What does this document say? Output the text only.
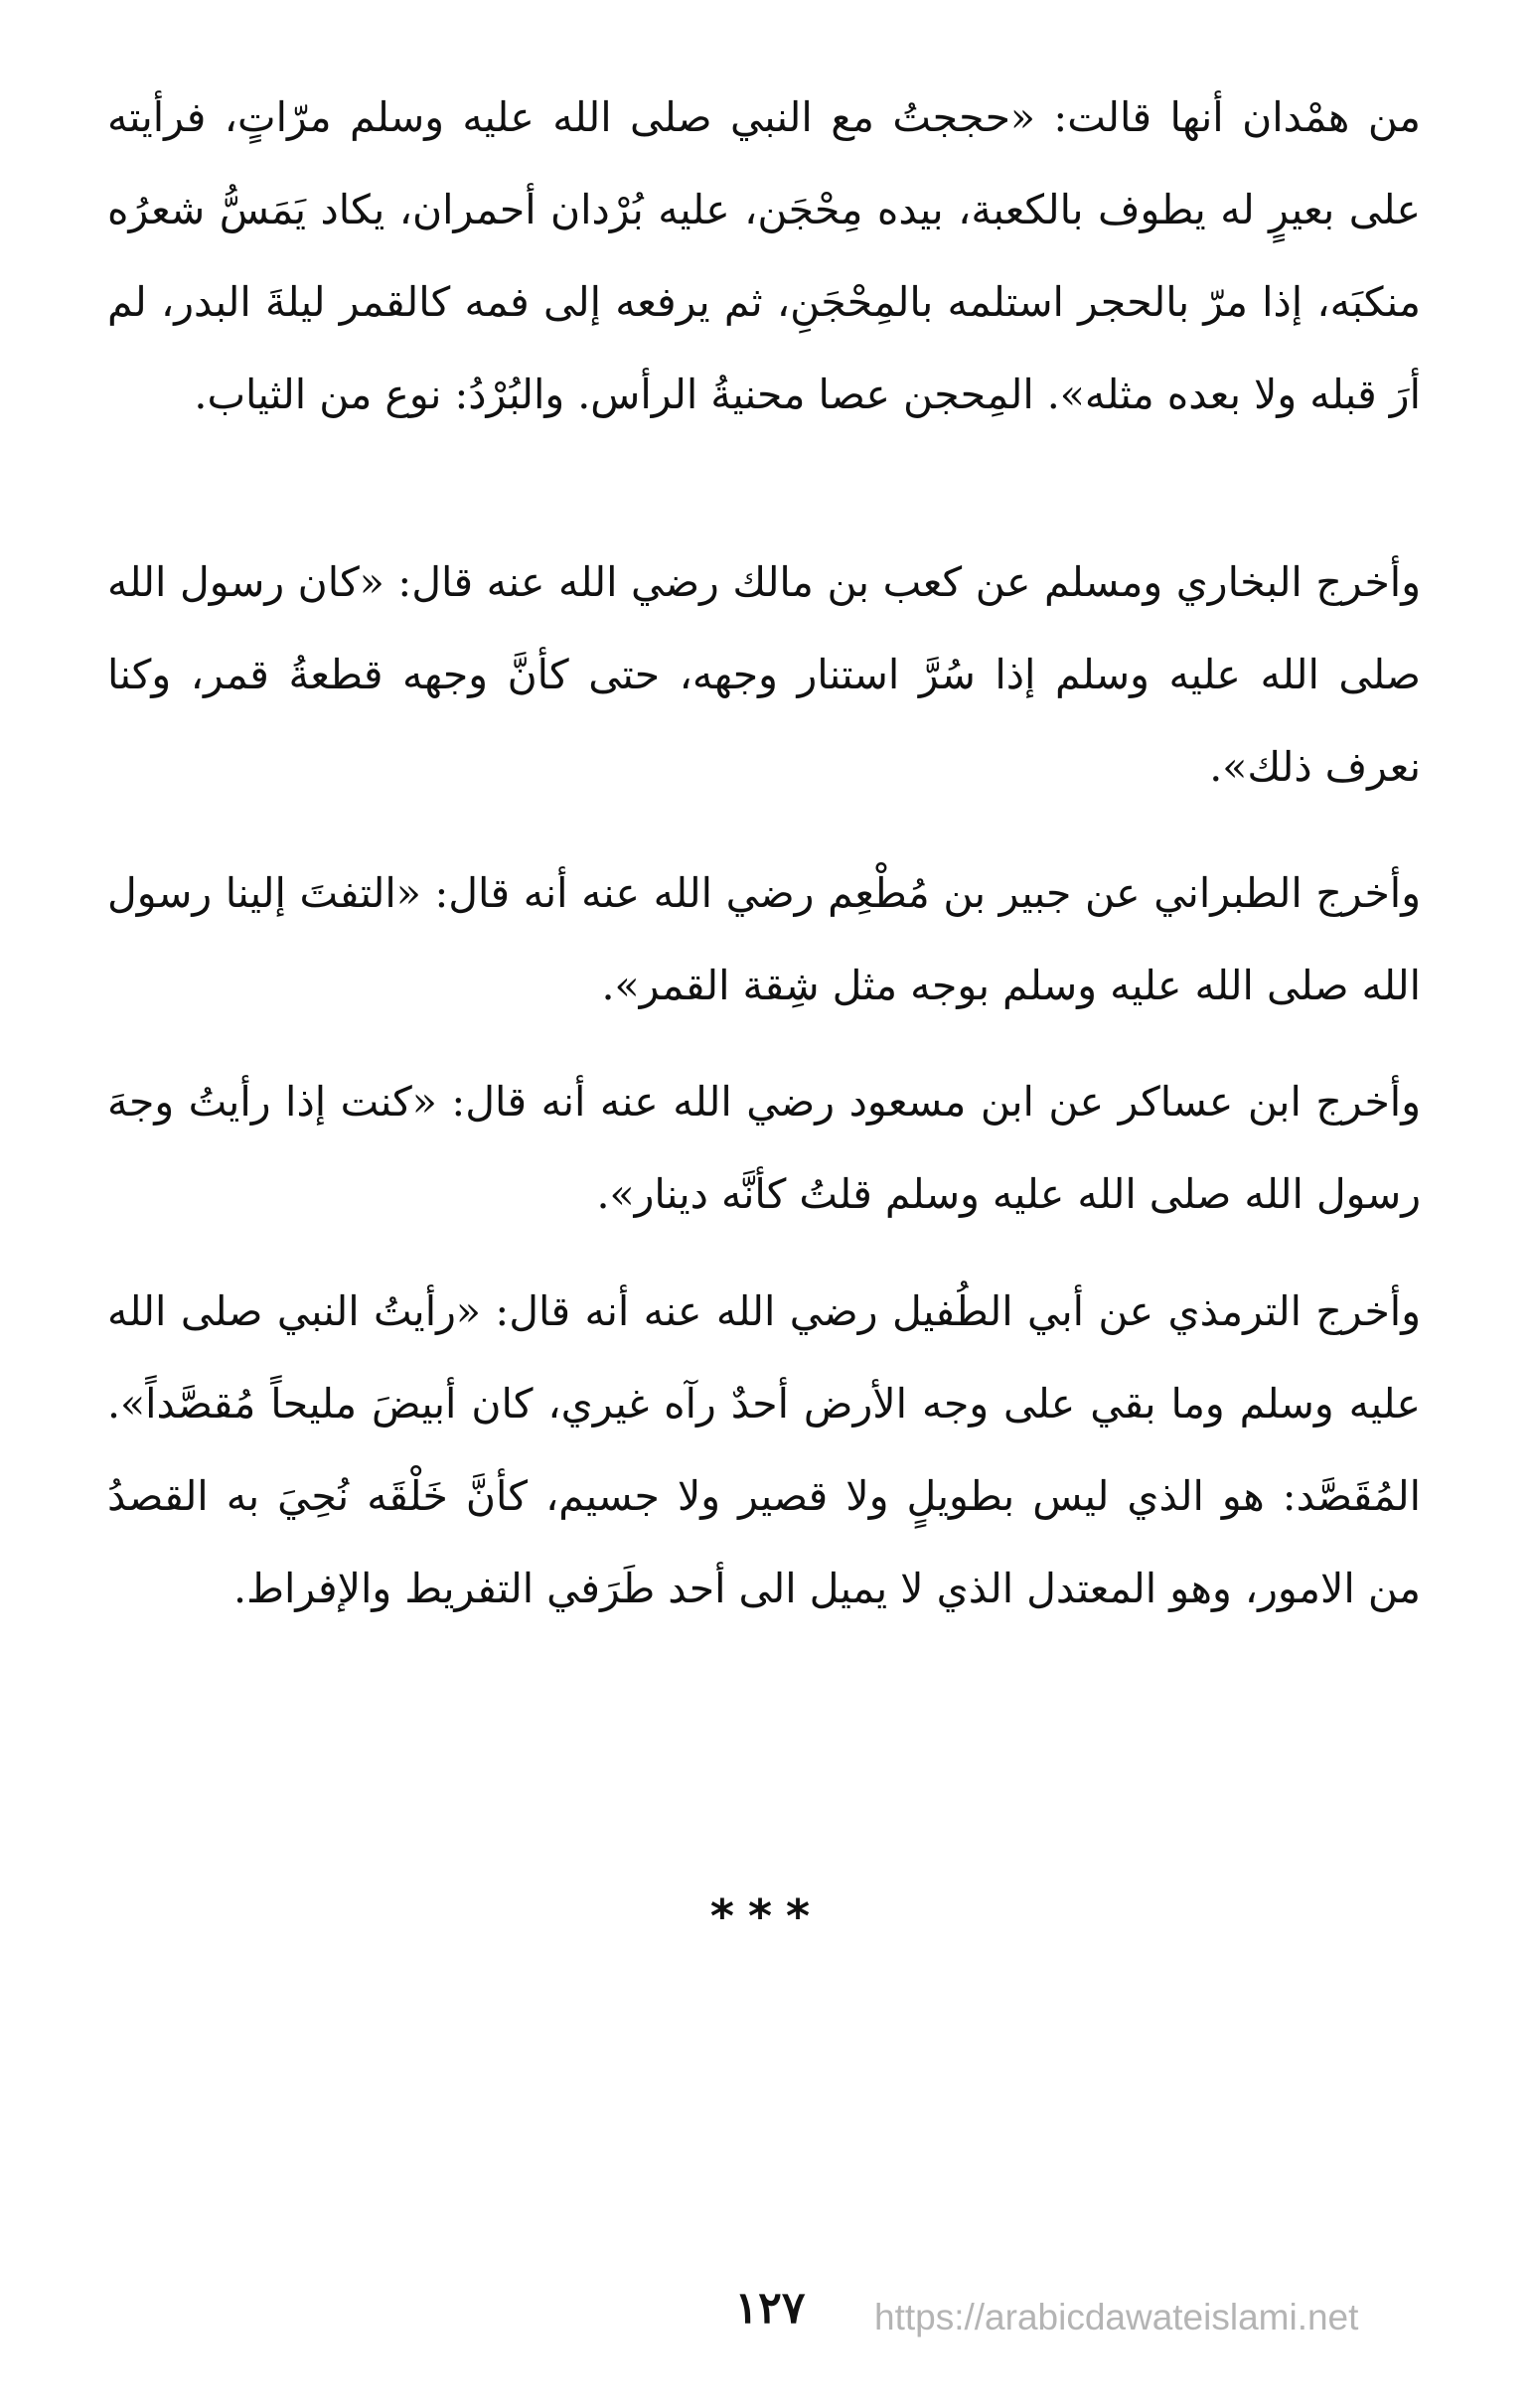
من همْدان أنها قالت: «حججتُ مع النبي صلى الله عليه وسلم مرّاتٍ، فرأيته على بعيرٍ له يطوف بالكعبة، بيده مِحْجَن، عليه بُرْدان أحمران، يكاد يَمَسُّ شعرُه منكبَه، إذا مرّ بالحجر استلمه بالمِحْجَنِ، ثم يرفعه إلى فمه كالقمر ليلةَ البدر، لم أرَ قبله ولا بعده مثله». المِحجن عصا محنيةُ الرأس. والبُرْدُ: نوع من الثياب.

وأخرج البخاري ومسلم عن كعب بن مالك رضي الله عنه قال: «كان رسول الله صلى الله عليه وسلم إذا سُرَّ استنار وجهه، حتى كأنَّ وجهه قطعةُ قمر، وكنا نعرف ذلك».

وأخرج الطبراني عن جبير بن مُطْعِم رضي الله عنه أنه قال: «التفتَ إلينا رسول الله صلى الله عليه وسلم بوجه مثل شِقة القمر».

وأخرج ابن عساكر عن ابن مسعود رضي الله عنه أنه قال: «كنت إذا رأيتُ وجهَ رسول الله صلى الله عليه وسلم قلتُ كأنَّه دينار».

وأخرج الترمذي عن أبي الطُفيل رضي الله عنه أنه قال: «رأيتُ النبي صلى الله عليه وسلم وما بقي على وجه الأرض أحدٌ رآه غيري، كان أبيضَ مليحاً مُقصَّداً». المُقَصَّد: هو الذي ليس بطويلٍ ولا قصير ولا جسيم، كأنَّ خَلْقَه نُحِيَ به القصدُ من الامور، وهو المعتدل الذي لا يميل الى أحد طَرَفي التفريط والإفراط.

***
١٢٧	https://arabicdawateislami.net
